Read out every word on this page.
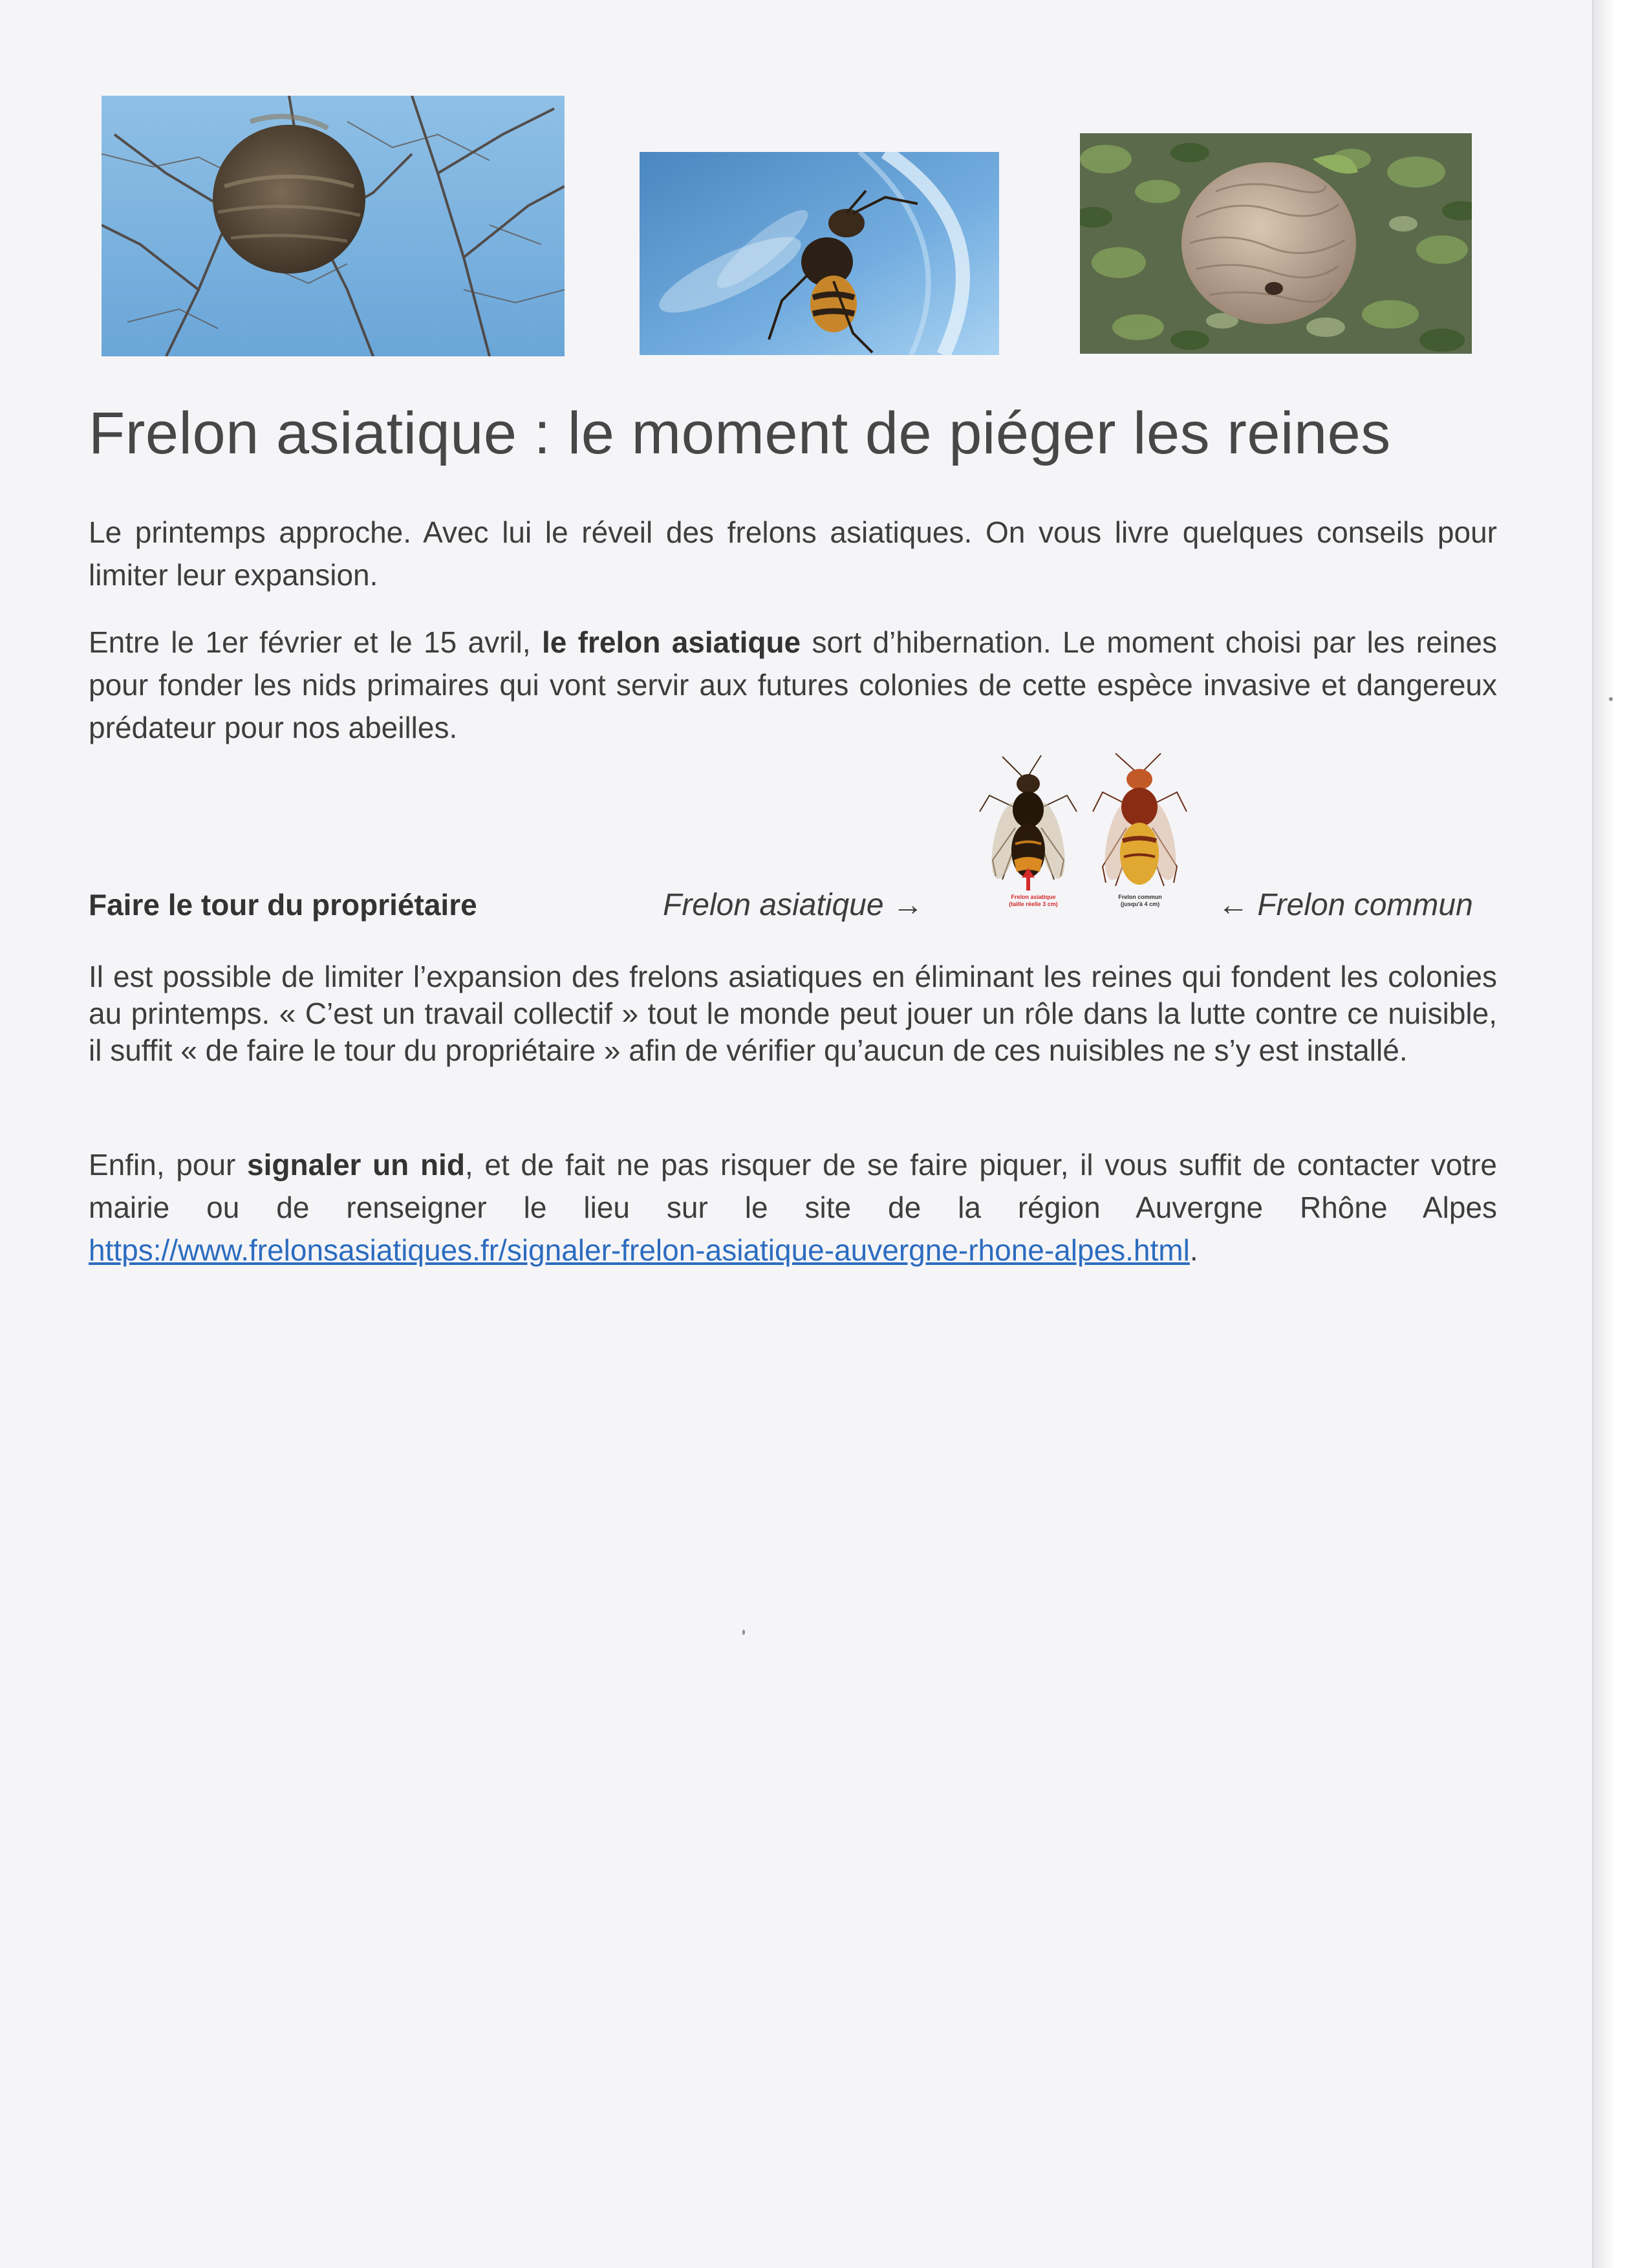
Frelon asiatique : le moment de piéger les reines

Le printemps approche. Avec lui le réveil des frelons asiatiques. On vous livre quelques conseils pour limiter leur expansion.

Entre le 1er février et le 15 avril, le frelon asiatique sort d’hibernation. Le moment choisi par les reines pour fonder les nids primaires qui vont servir aux futures colonies de cette espèce invasive et dangereux prédateur pour nos abeilles.

Faire le tour du propriétaire	Frelon asiatique →	Frelon asiatique
(taille réelle 3 cm)
Frelon commun
(jusqu'à 4 cm)	← Frelon commun

Il est possible de limiter l’expansion des frelons asiatiques en éliminant les reines qui fondent les colonies au printemps. « C’est un travail collectif » tout le monde peut jouer un rôle dans la lutte contre ce nuisible, il suffit « de faire le tour du propriétaire » afin de vérifier qu’aucun de ces nuisibles ne s’y est installé.

Enfin, pour signaler un nid, et de fait ne pas risquer de se faire piquer, il vous suffit de contacter votre mairie ou de renseigner le lieu sur le site de la région Auvergne Rhône Alpes https://www.frelonsasiatiques.fr/signaler-frelon-asiatique-auvergne-rhone-alpes.html.
